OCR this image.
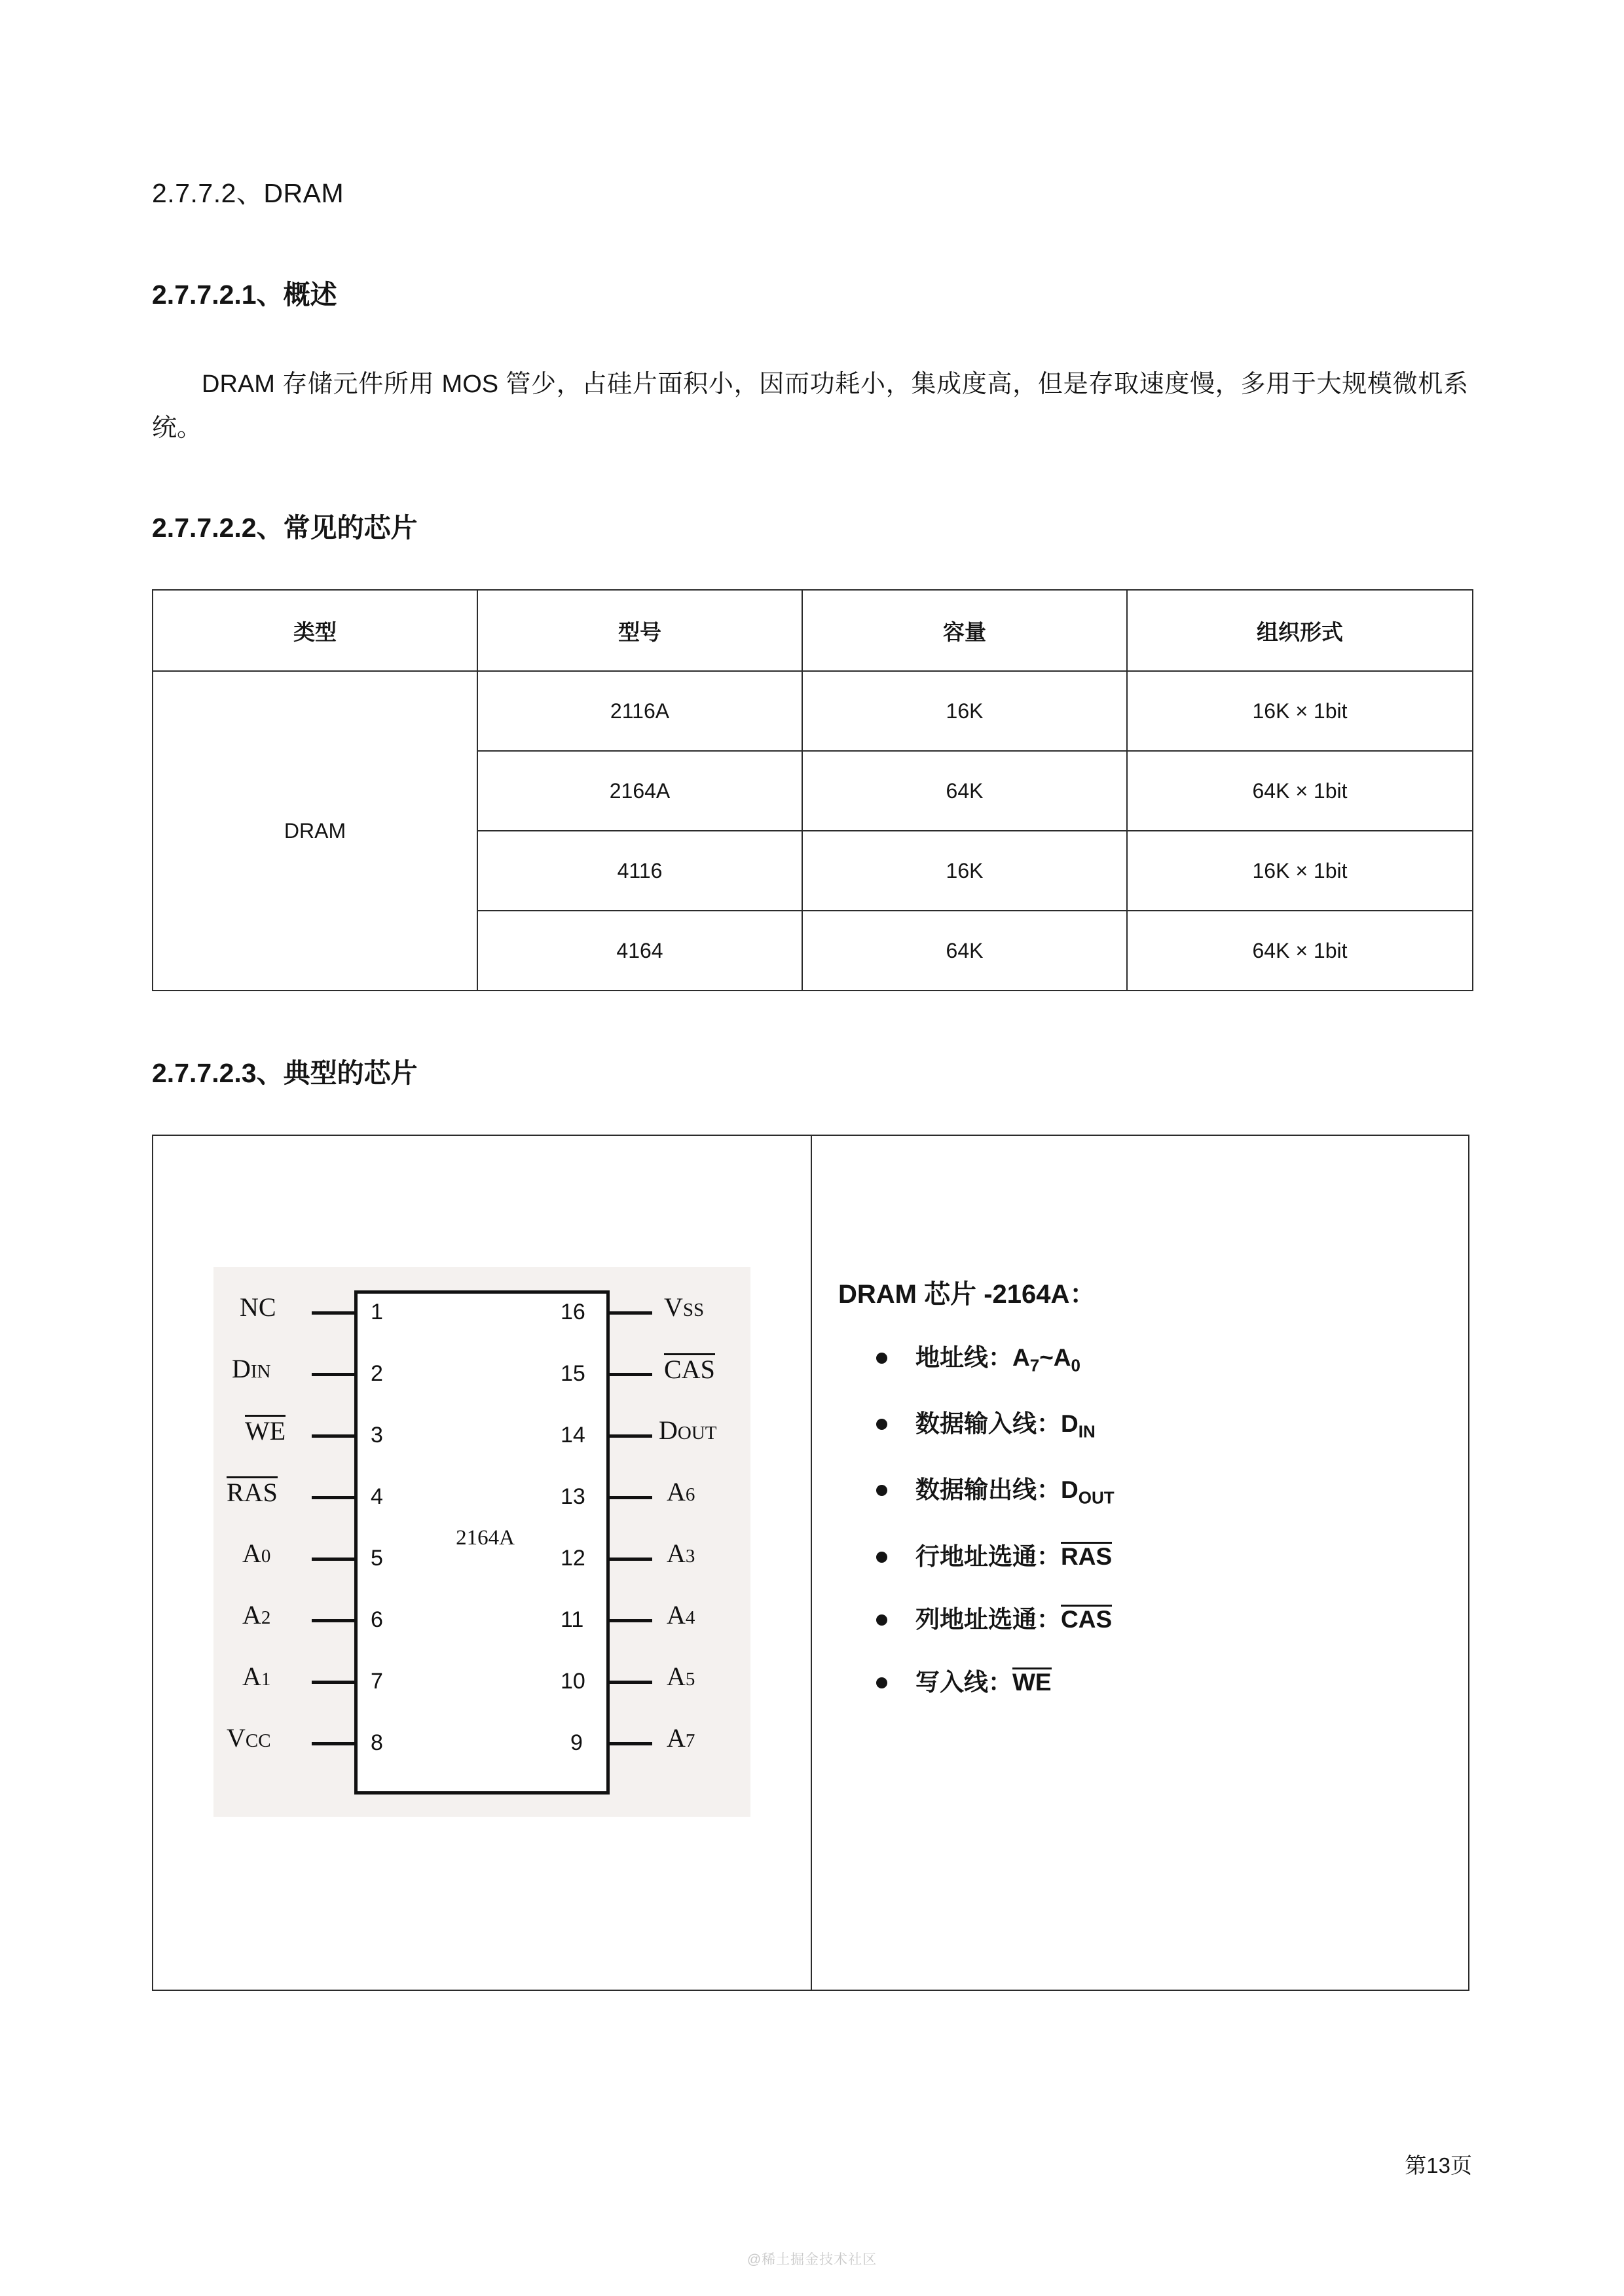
2.7.7.2、DRAM
2.7.7.2.1、概述
DRAM 存储元件所用 MOS 管少，占硅片面积小，因而功耗小，集成度高，但是存取速度慢，多用于大规模微机系统。
2.7.7.2.2、常见的芯片
类型	型号	容量	组织形式
DRAM	2116A	16K	16K × 1bit
	2164A	64K	64K × 1bit
	4116	16K	16K × 1bit
	4164	64K	64K × 1bit
2.7.7.2.3、典型的芯片
2164A
1
2
3
4
5
6
7
8
16
15
14
13
12
11
10
9
NC
DIN
WE
RAS
A0
A2
A1
VCC
VSS
CAS
DOUT
A6
A3
A4
A5
A7
DRAM 芯片 -2164A：
地址线：$A_7\sim A_0$
数据输入线：$D_{IN}$
数据输出线：$D_{OUT}$
行地址选通：RAS
列地址选通：CAS
写入线：WE
第13页
@稀土掘金技术社区
